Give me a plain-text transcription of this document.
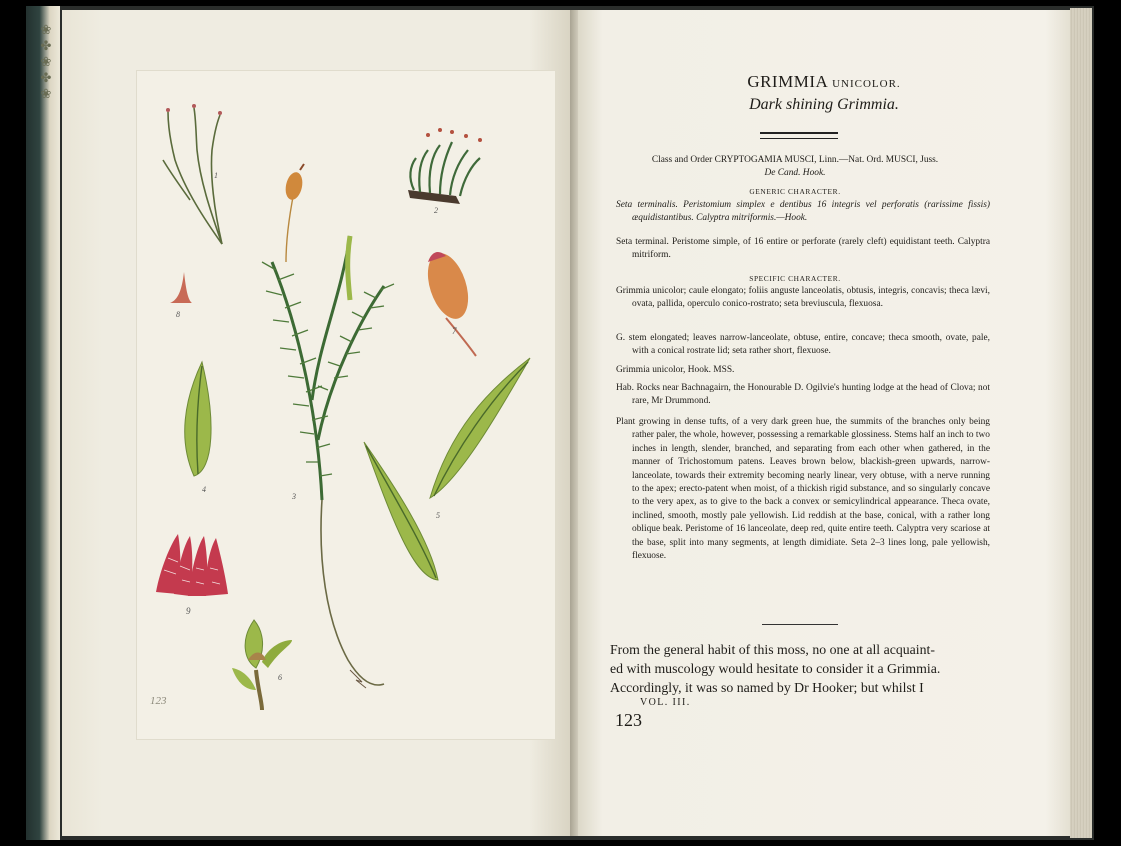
❀
✤
❀
✤
❀
1
2
3
8
7
4
5
9
6
123
GRIMMIA UNICOLOR.
Dark shining Grimmia.
Class and Order CRYPTOGAMIA MUSCI, Linn.—Nat. Ord. MUSCI, Juss.
De Cand. Hook.
GENERIC CHARACTER.
Seta terminalis. Peristomium simplex e dentibus 16 integris vel perforatis (rarissime fissis) æquidistantibus. Calyptra mitriformis.—Hook.
Seta terminal. Peristome simple, of 16 entire or perforate (rarely cleft) equidistant teeth. Calyptra mitriform.
SPECIFIC CHARACTER.
Grimmia unicolor; caule elongato; foliis anguste lanceolatis, obtusis, integris, concavis; theca lævi, ovata, pallida, operculo conico-rostrato; seta breviuscula, flexuosa.
G. stem elongated; leaves narrow-lanceolate, obtuse, entire, concave; theca smooth, ovate, pale, with a conical rostrate lid; seta rather short, flexuose.
Grimmia unicolor, Hook. MSS.
Hab. Rocks near Bachnagairn, the Honourable D. Ogilvie's hunting lodge at the head of Clova; not rare, Mr Drummond.
Plant growing in dense tufts, of a very dark green hue, the summits of the branches only being rather paler, the whole, however, possessing a remarkable glossiness. Stems half an inch to two inches in length, slender, branched, and separating from each other when gathered, in the manner of Trichostomum patens. Leaves brown below, blackish-green upwards, narrow-lanceolate, towards their extremity becoming nearly linear, very obtuse, with a nerve running to the apex; erecto-patent when moist, of a thickish rigid substance, and so singularly concave to the very apex, as to give to the back a convex or semicylindrical appearance. Theca ovate, inclined, smooth, mostly pale yellowish. Lid reddish at the base, conical, with a rather long oblique beak. Peristome of 16 lanceolate, deep red, quite entire teeth. Calyptra very scariose at the base, split into many segments, at length dimidiate. Seta 2–3 lines long, pale yellowish, flexuose.
From the general habit of this moss, no one at all acquaint-
ed with muscology would hesitate to consider it a Grimmia.
Accordingly, it was so named by Dr Hooker; but whilst I
VOL. III.
123
